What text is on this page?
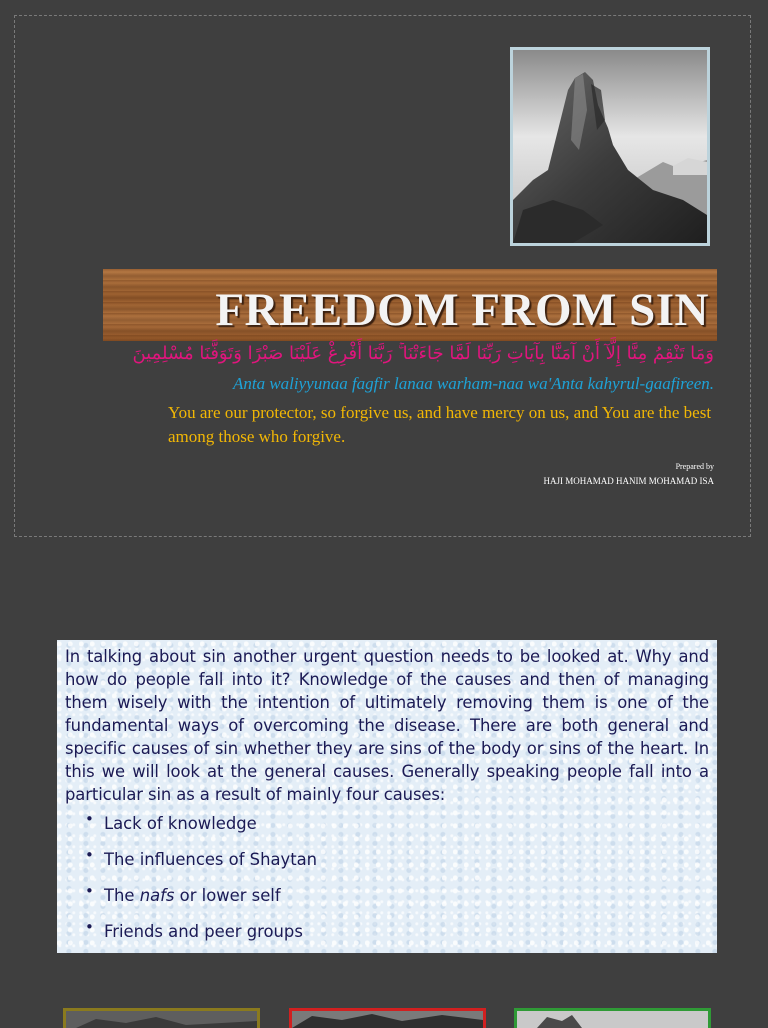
FREEDOM FROM SIN
وَمَا تَنْقِمُ مِنَّا إِلَّآ أَنْ آمَنَّا بِآيَاتِ رَبِّنَا لَمَّا جَاءَتْنَا ۚ رَبَّنَا أَفْرِغْ عَلَيْنَا صَبْرًا وَتَوَفَّنَا مُسْلِمِينَ
Anta waliyyunaa fagfir lanaa warham-naa wa'Anta kahyrul-gaafireen.
You are our protector, so forgive us, and have mercy on us, and You are the best among those who forgive.
Prepared by
HAJI MOHAMAD HANIM MOHAMAD ISA

In talking about sin another urgent question needs to be looked at. Why and how do people fall into it? Knowledge of the causes and then of managing them wisely with the intention of ultimately removing them is one of the fundamental ways of overcoming the disease. There are both general and specific causes of sin whether they are sins of the body or sins of the heart. In this we will look at the general causes. Generally speaking people fall into a particular sin as a result of mainly four causes:

• Lack of knowledge
• The influences of Shaytan
• The nafs or lower self
• Friends and peer groups
